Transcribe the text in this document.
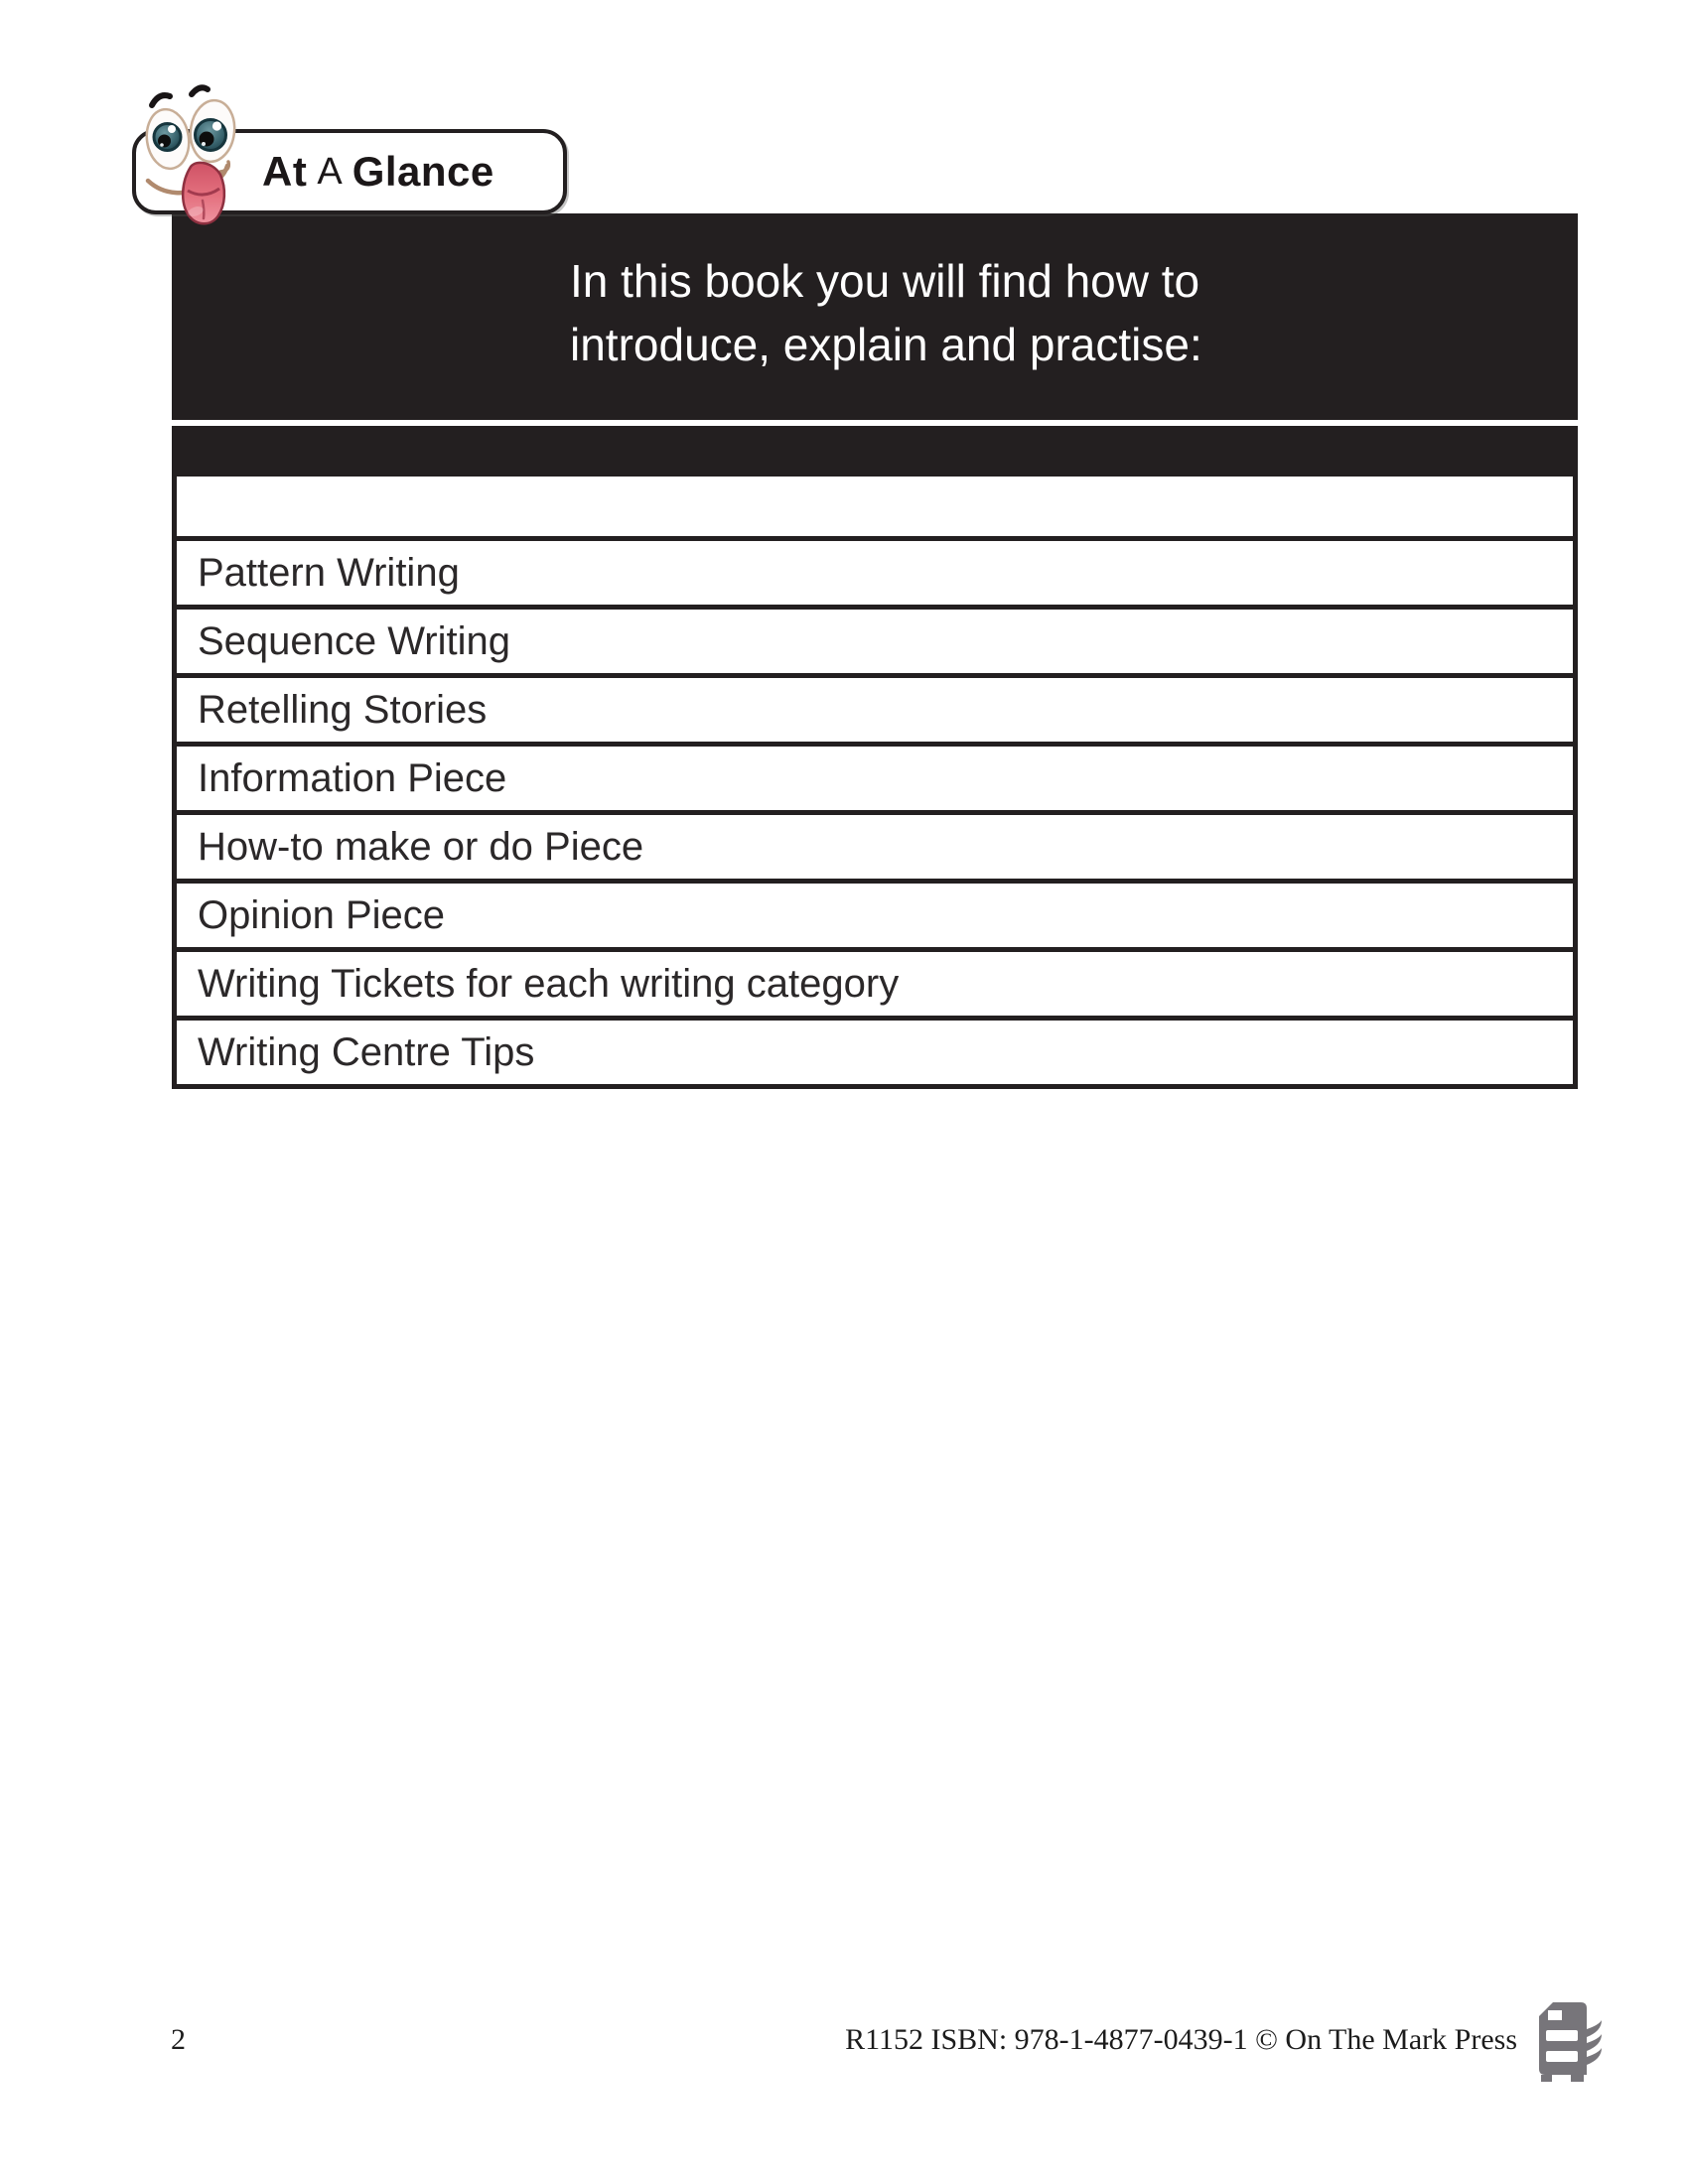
At A Glance
In this book you will find how to
introduce, explain and practise:
Pattern Writing
Sequence Writing
Retelling Stories
Information Piece
How-to make or do Piece
Opinion Piece
Writing Tickets for each writing category
Writing Centre Tips
2	R1152 ISBN: 978-1-4877-0439-1 © On The Mark Press
